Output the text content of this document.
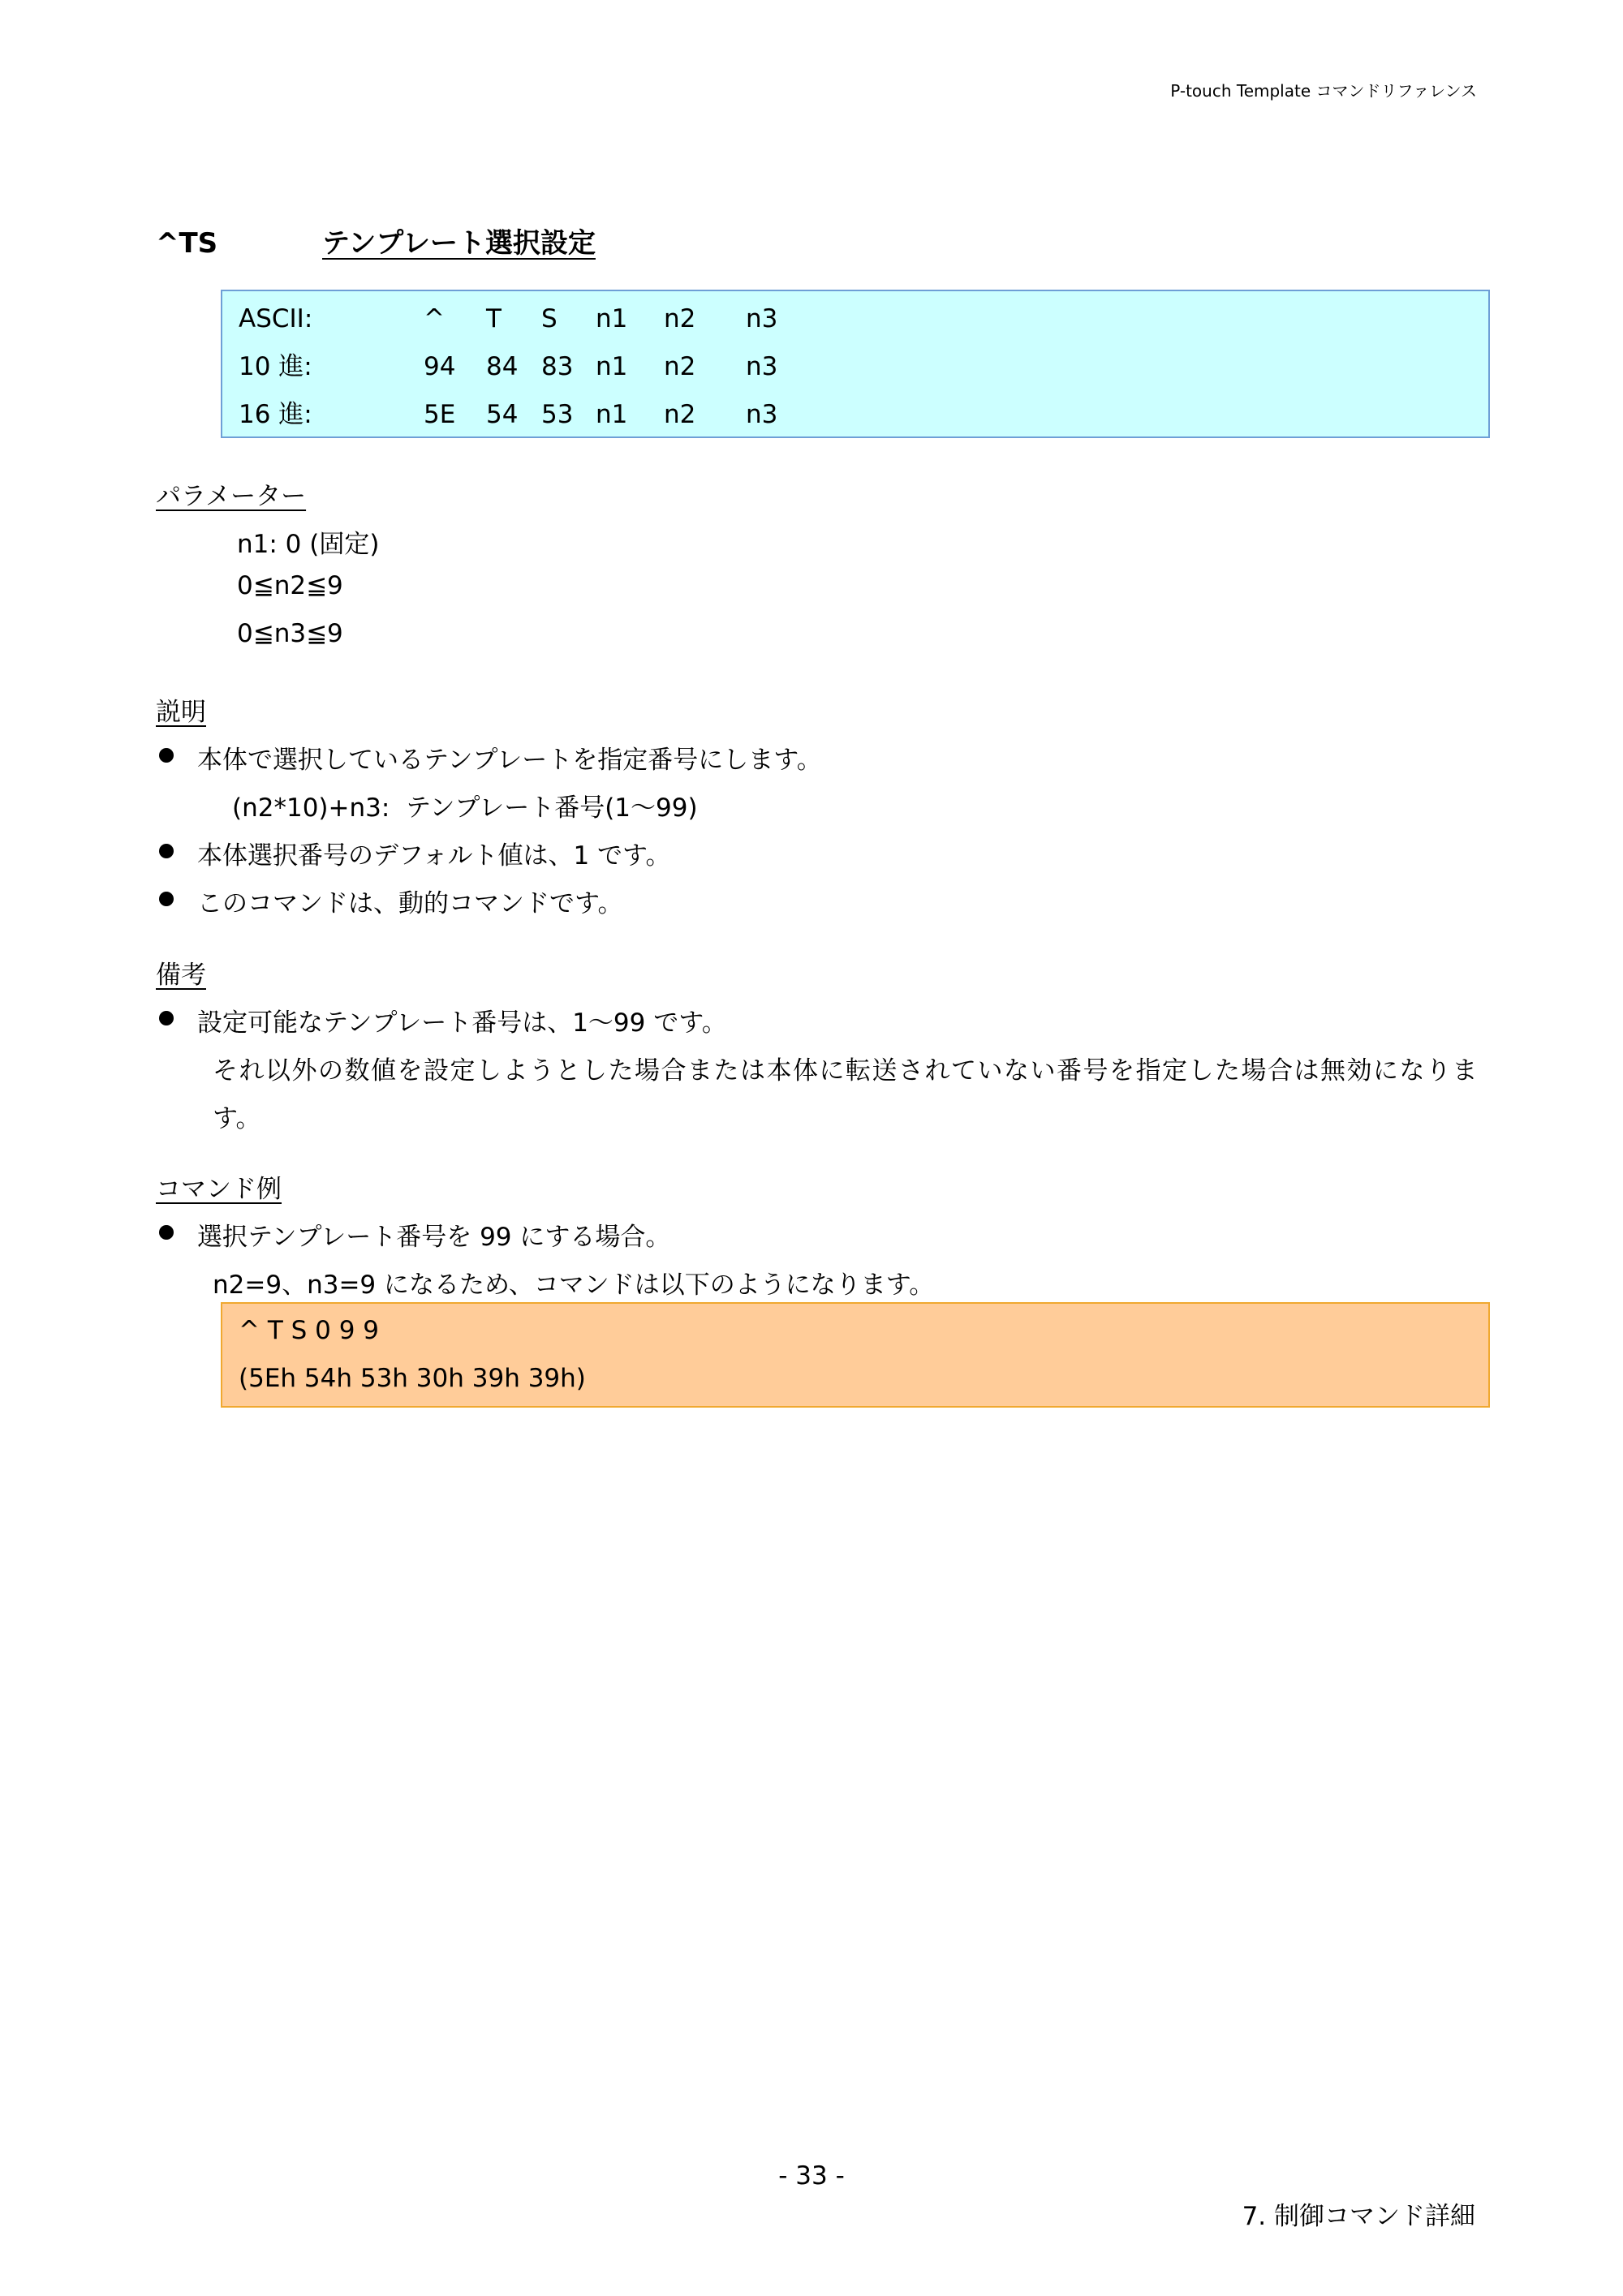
P-touch Template コマンドリファレンス
^TS	テンプレート選択設定
ASCII:	^ T S n1 n2 n3
10 進:	94 84 83 n1 n2 n3
16 進:	5E 54 53 n1 n2 n3
パラメーター
n1: 0 (固定)
0≦n2≦9
0≦n3≦9
説明
本体で選択しているテンプレートを指定番号にします。
(n2*10)+n3:  テンプレート番号(1〜99)
本体選択番号のデフォルト値は、1 です。
このコマンドは、動的コマンドです。
備考
設定可能なテンプレート番号は、1〜99 です。
それ以外の数値を設定しようとした場合または本体に転送されていない番号を指定した場合は無効になりま
す。
コマンド例
選択テンプレート番号を 99 にする場合。
n2=9、n3=9 になるため、コマンドは以下のようになります。
^ T S 0 9 9
(5Eh 54h 53h 30h 39h 39h)
- 33 -
7. 制御コマンド詳細
